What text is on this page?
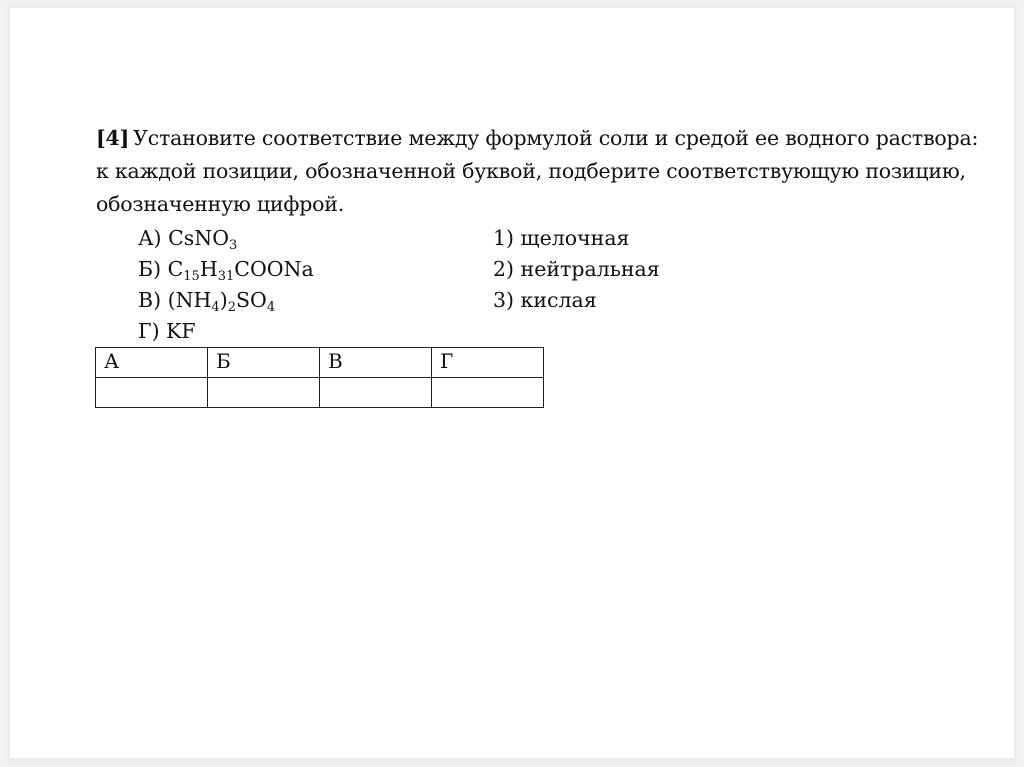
[4] Установите соответствие между формулой соли и средой ее водного раствора:
к каждой позиции, обозначенной буквой, подберите соответствующую позицию,
обозначенную цифрой.
А) CsNO$_3$	1) щелочная
Б) $C_{15}H_{31}COONa$	2) нейтральная
В) $(NH_4)_2SO_4$	3) кислая
Г) KF
А	Б	В	Г
